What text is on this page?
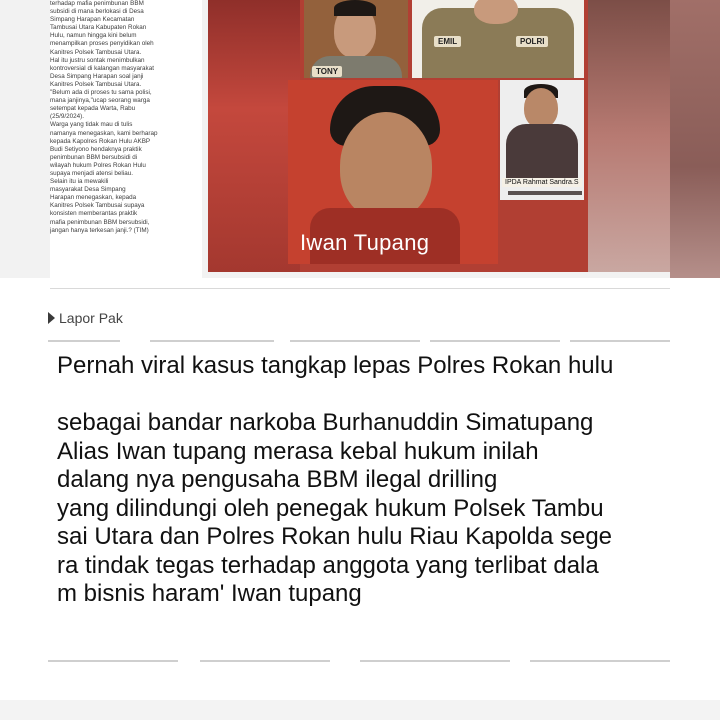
terhadap mafia penimbunan BBM

subsidi di mana berlokasi di Desa

Simpang Harapan Kecamatan

Tambusai Utara Kabupaten Rokan

Hulu, namun hingga kini belum

menampilkan proses penyidikan oleh

Kanitres Polsek Tambusai Utara.

Hal itu justru sontak menimbulkan

kontroversial di kalangan masyarakat

Desa Simpang Harapan soal janji

Kanitres Polsek Tambusai Utara.

"Belum ada di proses tu sama polisi,

mana janjinya,"ucap seorang warga

setempat kepada Warta, Rabu

(25/9/2024).

Warga yang tidak mau di tulis

namanya menegaskan, kami berharap

kepada Kapolres Rokan Hulu AKBP

Budi Setiyono hendaknya praktik

penimbunan BBM bersubsidi di

wilayah hukum Polres Rokan Hulu

supaya menjadi atensi beliau.

Selain itu ia mewakili

masyarakat Desa Simpang

Harapan menegaskan, kepada

Kanitres Polsek Tambusai supaya

konsisten memberantas praktik

mafia penimbunan BBM bersubsidi,

jangan hanya terkesan janji.? (TIM)

TONY
EMIL	POLRI
Iwan Tupang
IPDA Rahmat Sandra.S
Lapor Pak
Pernah viral kasus tangkap lepas Polres Rokan hulu

sebagai bandar narkoba Burhanuddin Simatupang
Alias Iwan tupang merasa kebal hukum inilah
dalang nya pengusaha BBM ilegal drilling
yang dilindungi oleh penegak hukum Polsek Tambu
sai Utara dan Polres Rokan hulu Riau Kapolda sege
ra tindak tegas terhadap anggota yang terlibat dala
m bisnis haram' Iwan tupang
